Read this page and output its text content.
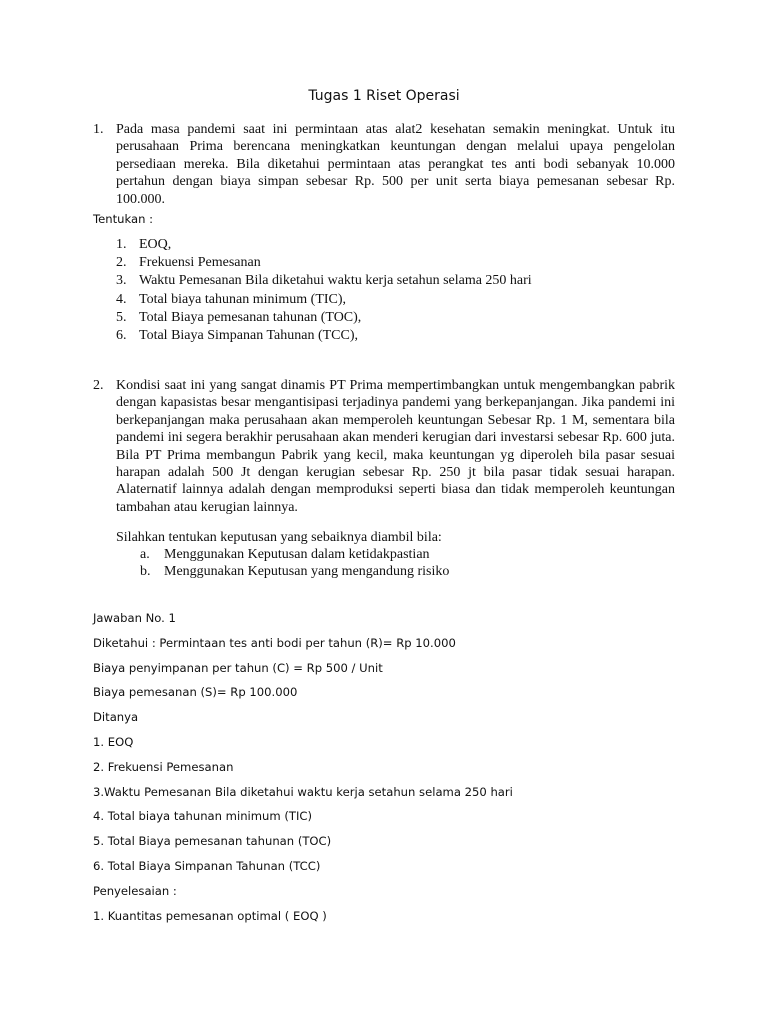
Tugas 1 Riset Operasi
1. Pada masa pandemi saat ini permintaan atas alat2 kesehatan semakin meningkat. Untuk itu perusahaan Prima berencana meningkatkan keuntungan dengan melalui upaya pengelolan persediaan mereka. Bila diketahui permintaan atas perangkat tes anti bodi sebanyak 10.000 pertahun dengan biaya simpan sebesar Rp. 500 per unit serta biaya pemesanan sebesar Rp. 100.000.
Tentukan :
1. EOQ,
2. Frekuensi Pemesanan
3. Waktu Pemesanan Bila diketahui waktu kerja setahun selama 250 hari
4. Total biaya tahunan minimum (TIC),
5. Total Biaya pemesanan tahunan (TOC),
6. Total Biaya Simpanan Tahunan (TCC),
2. Kondisi saat ini yang sangat dinamis PT Prima mempertimbangkan untuk mengembangkan pabrik dengan kapasistas besar mengantisipasi terjadinya pandemi yang berkepanjangan. Jika pandemi ini berkepanjangan maka perusahaan akan memperoleh keuntungan Sebesar Rp. 1 M, sementara bila pandemi ini segera berakhir perusahaan akan menderi kerugian dari investarsi sebesar Rp. 600 juta. Bila PT Prima membangun Pabrik yang kecil, maka keuntungan yg diperoleh bila pasar sesuai harapan adalah 500 Jt dengan kerugian sebesar Rp. 250 jt bila pasar tidak sesuai harapan. Alaternatif lainnya adalah dengan memproduksi seperti biasa dan tidak memperoleh keuntungan tambahan atau kerugian lainnya.
Silahkan tentukan keputusan yang sebaiknya diambil bila:
a. Menggunakan Keputusan dalam ketidakpastian
b. Menggunakan Keputusan yang mengandung risiko
Jawaban No. 1
Diketahui : Permintaan tes anti bodi per tahun (R)= Rp 10.000
Biaya penyimpanan per tahun (C) = Rp 500 / Unit
Biaya pemesanan (S)= Rp 100.000
Ditanya
1. EOQ
2. Frekuensi Pemesanan
3.Waktu Pemesanan Bila diketahui waktu kerja setahun selama 250 hari
4. Total biaya tahunan minimum (TIC)
5. Total Biaya pemesanan tahunan (TOC)
6. Total Biaya Simpanan Tahunan (TCC)
Penyelesaian :
1. Kuantitas pemesanan optimal ( EOQ )
